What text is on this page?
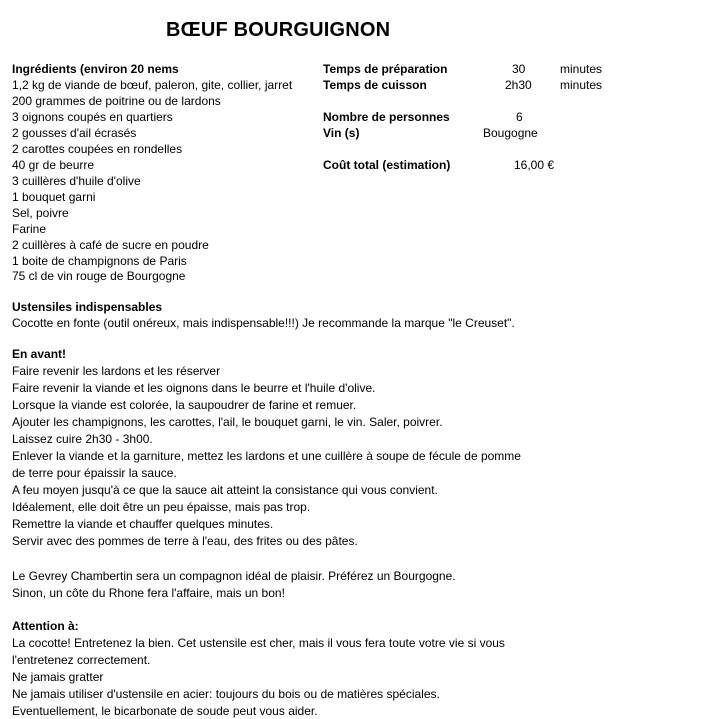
BŒUF BOURGUIGNON
Ingrédients (environ 20 nems
1,2 kg de viande de bœuf, paleron, gite, collier, jarret
200 grammes de poitrine ou de lardons
3 oignons coupés en quartiers
2 gousses d'ail écrasés
2 carottes coupées en rondelles
40 gr de beurre
3 cuillères d'huile d'olive
1 bouquet garni
Sel, poivre
Farine
2 cuillères à café de sucre en poudre
1 boite de champignons de Paris
75 cl de vin rouge de Bourgogne
Temps de préparation	30	minutes
Temps de cuisson	2h30 minutes
Nombre de personnes	6
Vin (s)	Bougogne
Coût total (estimation)	16,00 €
Ustensiles indispensables
Cocotte en fonte (outil onéreux, mais indispensable!!!) Je recommande la marque "le Creuset".
En avant!
Faire revenir les lardons et les réserver
Faire revenir la viande et les oignons dans le beurre et l'huile d'olive.
Lorsque la viande est colorée, la saupoudrer de farine et remuer.
Ajouter les champignons, les carottes, l'ail, le bouquet garni, le vin. Saler, poivrer.
Laissez cuire 2h30 - 3h00.
Enlever la viande et la garniture, mettez les lardons et une cuillère à soupe de fécule de pomme
de terre pour épaissir la sauce.
A feu moyen jusqu'à ce que la sauce ait atteint la consistance qui vous convient.
Idéalement, elle doit être un peu épaisse, mais pas trop.
Remettre la viande et chauffer quelques minutes.
Servir avec des pommes de terre à l'eau, des frites ou des pâtes.
Le Gevrey Chambertin sera un compagnon idéal de plaisir. Préférez un Bourgogne.
Sinon, un côte du Rhone fera l'affaire, mais un bon!
Attention à:
La cocotte! Entretenez la bien. Cet ustensile est cher, mais il vous fera toute votre vie si vous
l'entretenez correctement.
Ne jamais gratter
Ne jamais utiliser d'ustensile en acier: toujours du bois ou de matières spéciales.
Eventuellement, le bicarbonate de soude peut vous aider.
